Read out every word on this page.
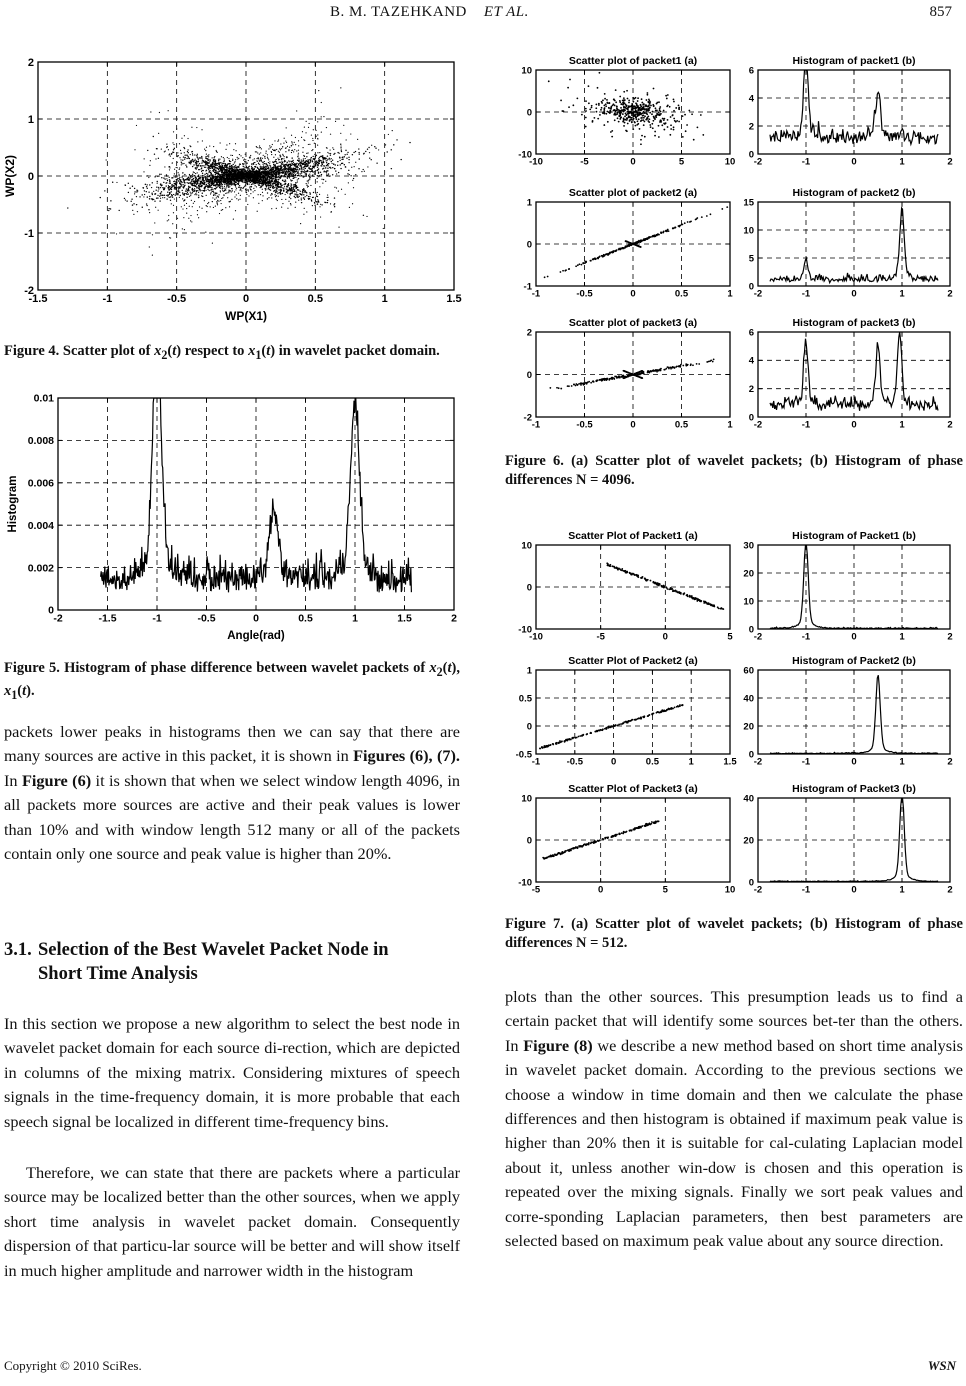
B. M. TAZEHKAND ET AL.	857
-1.5	-1	-0.5	0	0.5	1	1.5
-2
-1
0
1
2
WP(X1)
WP(X2)

Figure 4. Scatter plot of $x_2(t)$ respect to $x_1(t)$ in wavelet packet domain.

-2	-1.5	-1	-0.5	0	0.5	1	1.5	2
0
0.002
0.004
0.006
0.008
0.01
Angle(rad)
Histogram

Figure 5. Histogram of phase difference between wavelet packets of $x_2(t)$, $x_1(t)$.

packets lower peaks in histograms then we can say that there are many sources are active in this packet, it is shown in Figures (6), (7). In Figure (6) it is shown that when we select window length 4096, in all packets more sources are active and their peak values is lower than 10% and with window length 512 many or all of the packets contain only one source and peak value is higher than 20%.

3.1. Selection of the Best Wavelet Packet Node in
Short Time Analysis

In this section we propose a new algorithm to select the best node in wavelet packet domain for each source di-rection, which are depicted in columns of the mixing matrix. Considering mixtures of speech signals in the time-frequency domain, it is more probable that each speech signal be localized in different time-frequency bins.

Therefore, we can state that there are packets where a particular source may be localized better than the other sources, when we apply short time analysis in wavelet packet domain. Consequently dispersion of that particu-lar source will be better and will show itself in much higher amplitude and narrower width in the histogram

Scatter plot of packet1 (a)
-10	-5	0	5	10
-10
0
10
Histogram of packet1 (b)
-2	-1	0	1	2
0
2
4
6
Scatter plot of packet2 (a)
-1	-0.5	0	0.5	1
-1
0
1
Histogram of packet2 (b)
-2	-1	0	1	2
0
5
10
15
Scatter plot of packet3 (a)
-1	-0.5	0	0.5	1
-2
0
2
Histogram of packet3 (b)
-2	-1	0	1	2
0
2
4
6

Figure 6. (a) Scatter plot of wavelet packets; (b) Histogram of phase differences N = 4096.

Scatter Plot of Packet1 (a)
-10	-5	0	5
-10
0
10
Histogram of Packet1 (b)
-2	-1	0	1	2
0
10
20
30
Scatter Plot of Packet2 (a)
-1	-0.5	0	0.5	1	1.5
-0.5
0
0.5
1
Histogram of Packet2 (b)
-2	-1	0	1	2
0
20
40
60
Scatter Plot of Packet3 (a)
-5	0	5	10
-10
0
10
Histogram of Packet3 (b)
-2	-1	0	1	2
0
20
40

Figure 7. (a) Scatter plot of wavelet packets; (b) Histogram of phase differences N = 512.

plots than the other sources. This presumption leads us to find a certain packet that will identify some sources bet-ter than the others. In Figure (8) we describe a new method based on short time analysis in wavelet packet domain. According to the previous sections we choose a window in time domain and then we calculate the phase differences and then histogram is obtained if maximum peak value is higher than 20% then it is suitable for cal-culating Laplacian model about it, unless another win-dow is chosen and this operation is repeated over the mixing signals. Finally we sort peak values and corre-sponding Laplacian parameters, then best parameters are selected based on maximum peak value about any source direction.

Copyright © 2010 SciRes.	WSN
